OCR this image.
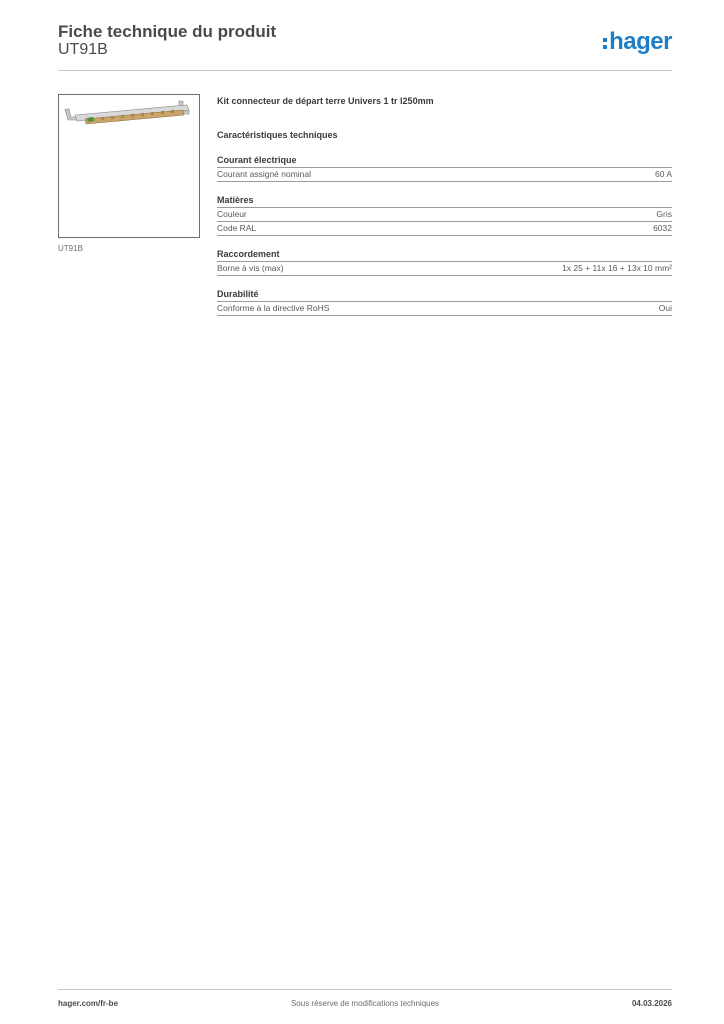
Fiche technique du produit
UT91B	hager
UT91B
Kit connecteur de départ terre Univers 1 tr l250mm
Caractéristiques techniques
Courant électrique
Courant assigné nominal	60 A
Matières
Couleur	Gris
Code RAL	6032
Raccordement
Borne à vis (max)	1x 25 + 11x 16 + 13x 10 mm²
Durabilité
Conforme à la directive RoHS	Oui
hager.com/fr-be	Sous réserve de modifications techniques	04.03.2026
